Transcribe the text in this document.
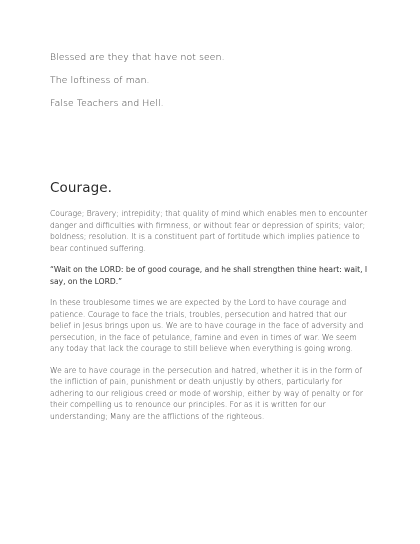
Blessed are they that have not seen.
The loftiness of man.
False Teachers and Hell.
Courage.

Courage; Bravery; intrepidity; that quality of mind which enables men to encounter danger and difficulties with firmness, or without fear or depression of spirits; valor; boldness; resolution. It is a constituent part of fortitude which implies patience to bear continued suffering.

“Wait on the LORD: be of good courage, and he shall strengthen thine heart: wait, I say, on the LORD.”

In these troublesome times we are expected by the Lord to have courage and patience. Courage to face the trials, troubles, persecution and hatred that our belief in Jesus brings upon us. We are to have courage in the face of adversity and persecution, in the face of petulance, famine and even in times of war. We seem any today that lack the courage to still believe when everything is going wrong.

We are to have courage in the persecution and hatred, whether it is in the form of the infliction of pain, punishment or death unjustly by others, particularly for adhering to our religious creed or mode of worship, either by way of penalty or for their compelling us to renounce our principles. For as it is written for our understanding; Many are the afflictions of the righteous.
